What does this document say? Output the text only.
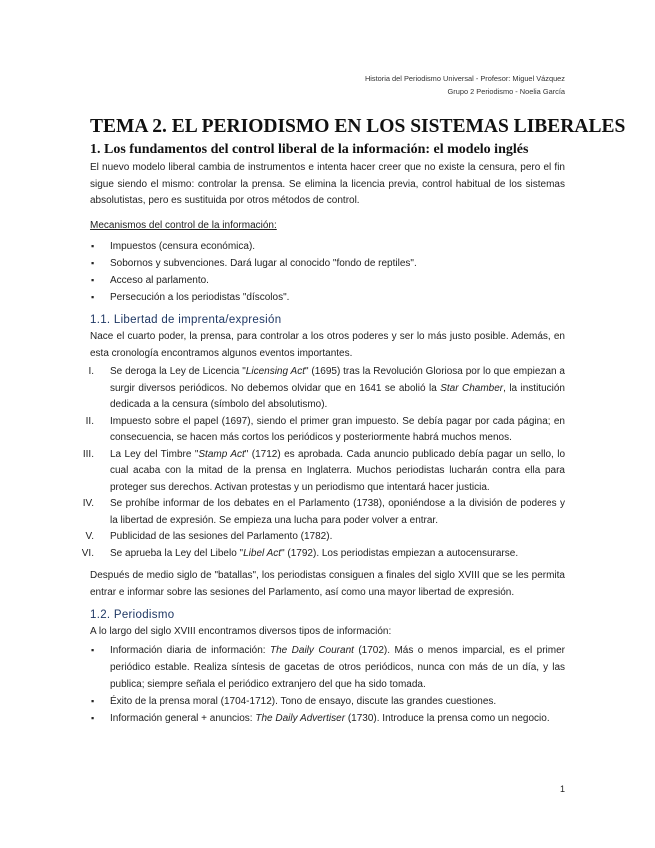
Historia del Periodismo Universal - Profesor: Miguel Vázquez
Grupo 2 Periodismo - Noelia García
TEMA 2. EL PERIODISMO EN LOS SISTEMAS LIBERALES
1. Los fundamentos del control liberal de la información: el modelo inglés

El nuevo modelo liberal cambia de instrumentos e intenta hacer creer que no existe la censura, pero el fin sigue siendo el mismo: controlar la prensa. Se elimina la licencia previa, control habitual de los sistemas absolutistas, pero es sustituida por otros métodos de control.

Mecanismos del control de la información:

▪ Impuestos (censura económica).
▪ Sobornos y subvenciones. Dará lugar al conocido "fondo de reptiles".
▪ Acceso al parlamento.
▪ Persecución a los periodistas "díscolos".
1.1. Libertad de imprenta/expresión

Nace el cuarto poder, la prensa, para controlar a los otros poderes y ser lo más justo posible. Además, en esta cronología encontramos algunos eventos importantes.

I. Se deroga la Ley de Licencia "Licensing Act" (1695) tras la Revolución Gloriosa por lo que empiezan a surgir diversos periódicos. No debemos olvidar que en 1641 se abolió la Star Chamber, la institución dedicada a la censura (símbolo del absolutismo).
II. Impuesto sobre el papel (1697), siendo el primer gran impuesto. Se debía pagar por cada página; en consecuencia, se hacen más cortos los periódicos y posteriormente habrá muchos menos.
III. La Ley del Timbre "Stamp Act" (1712) es aprobada. Cada anuncio publicado debía pagar un sello, lo cual acaba con la mitad de la prensa en Inglaterra. Muchos periodistas lucharán contra ella para proteger sus derechos. Activan protestas y un periodismo que intentará hacer justicia.
IV. Se prohíbe informar de los debates en el Parlamento (1738), oponiéndose a la división de poderes y la libertad de expresión. Se empieza una lucha para poder volver a entrar.
V. Publicidad de las sesiones del Parlamento (1782).
VI. Se aprueba la Ley del Libelo "Libel Act" (1792). Los periodistas empiezan a autocensurarse.

Después de medio siglo de "batallas", los periodistas consiguen a finales del siglo XVIII que se les permita entrar e informar sobre las sesiones del Parlamento, así como una mayor libertad de expresión.

1.2. Periodismo

A lo largo del siglo XVIII encontramos diversos tipos de información:

▪ Información diaria de información: The Daily Courant (1702). Más o menos imparcial, es el primer periódico estable. Realiza síntesis de gacetas de otros periódicos, nunca con más de un día, y las publica; siempre señala el periódico extranjero del que ha sido tomada.
▪ Éxito de la prensa moral (1704-1712). Tono de ensayo, discute las grandes cuestiones.
▪ Información general + anuncios: The Daily Advertiser (1730). Introduce la prensa como un negocio.
1
